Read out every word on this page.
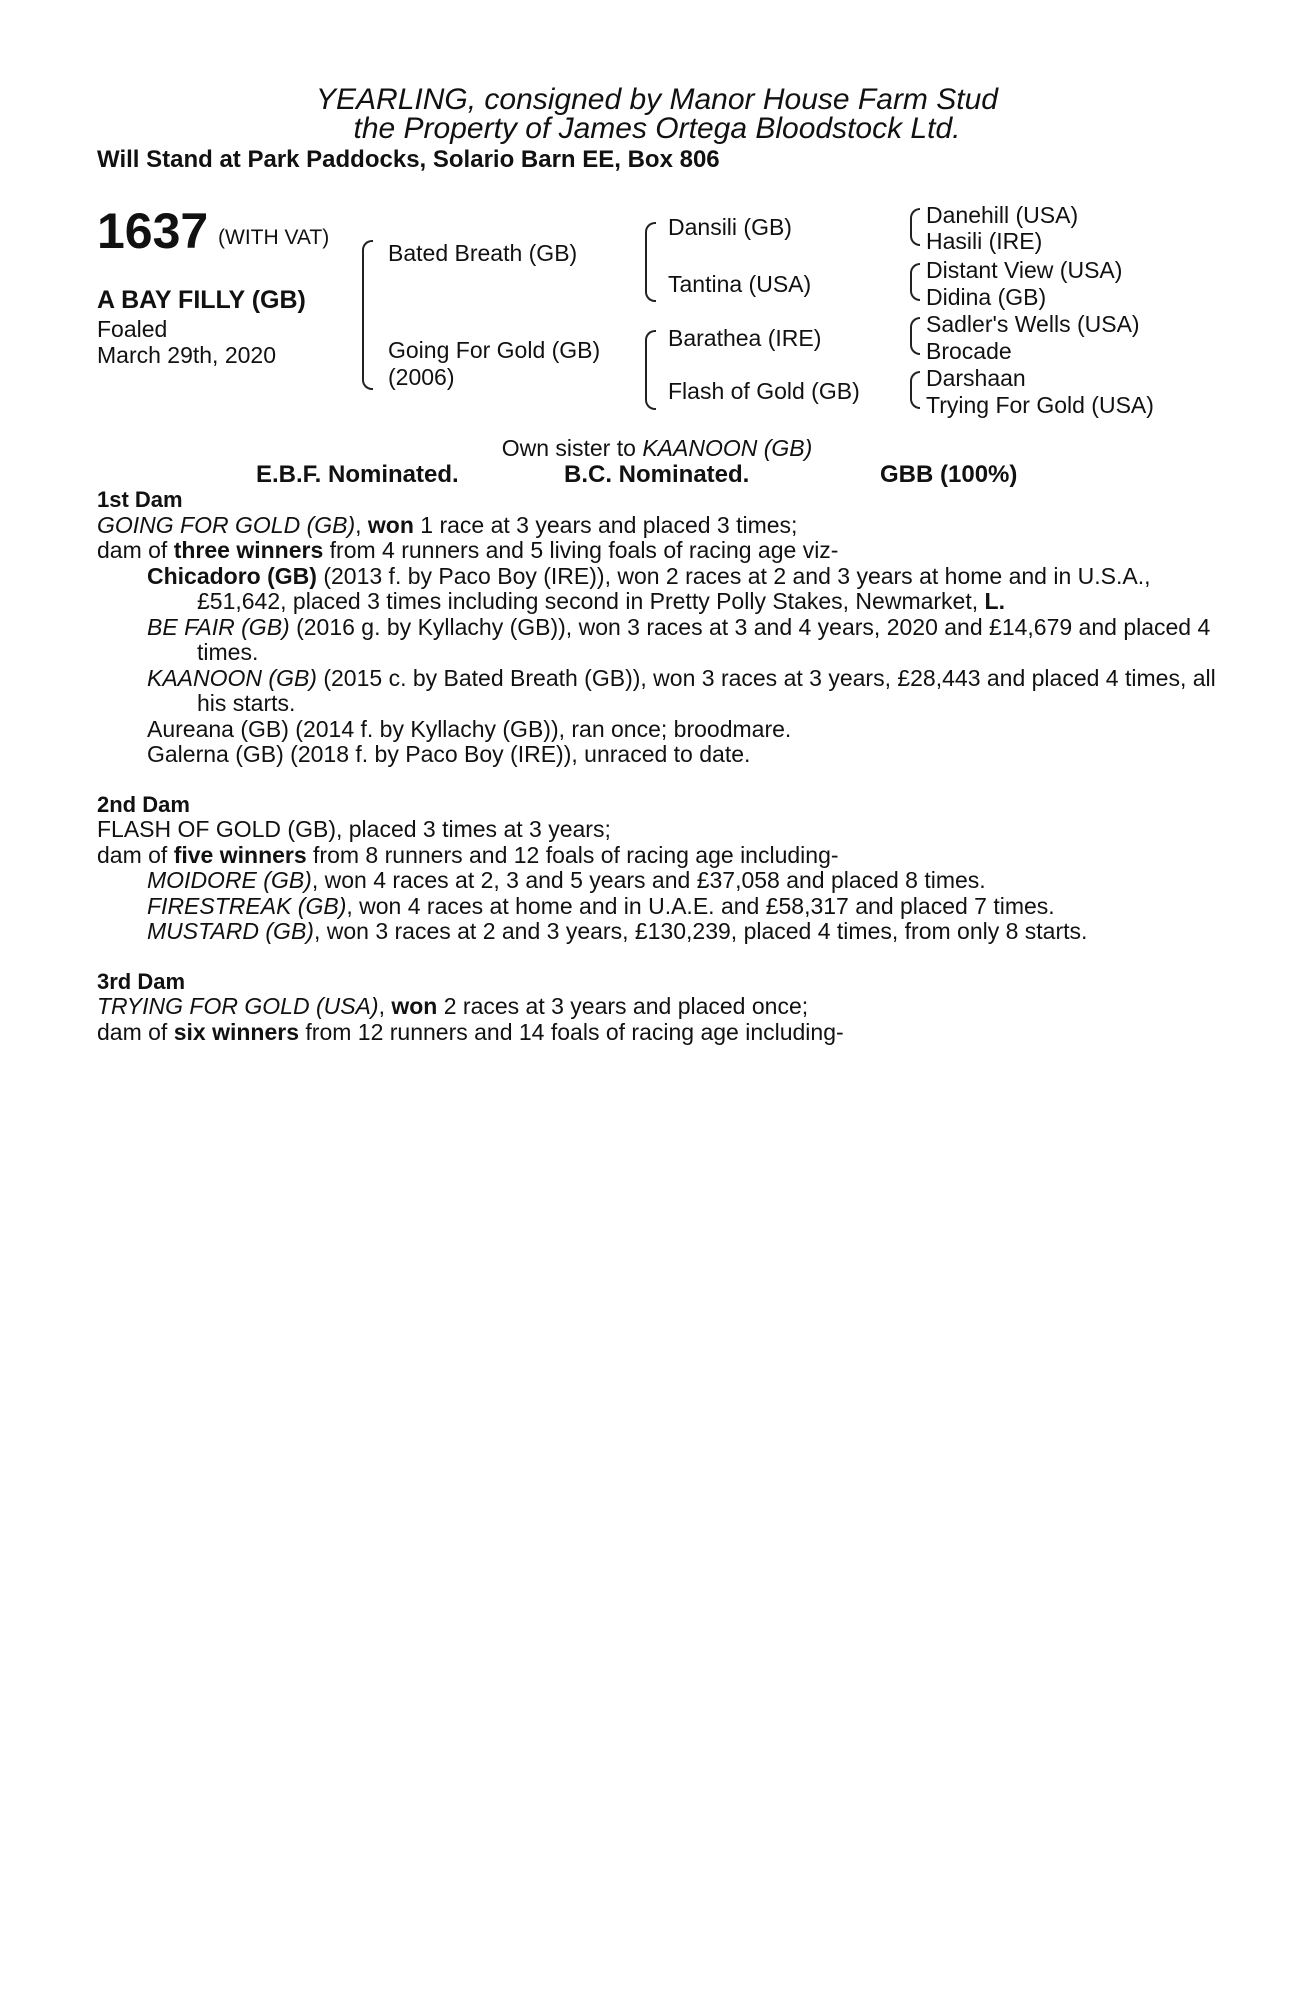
YEARLING, consigned by Manor House Farm Stud
the Property of James Ortega Bloodstock Ltd.
Will Stand at Park Paddocks, Solario Barn EE, Box 806
1637 (WITH VAT)
A BAY FILLY (GB)
Foaled
March 29th, 2020
Bated Breath (GB)
Going For Gold (GB)
(2006)
Dansili (GB)
Tantina (USA)
Barathea (IRE)
Flash of Gold (GB)
Danehill (USA)
Hasili (IRE)
Distant View (USA)
Didina (GB)
Sadler's Wells (USA)
Brocade
Darshaan
Trying For Gold (USA)
Own sister to KAANOON (GB)
E.B.F. Nominated.	B.C. Nominated.	GBB (100%)
1st Dam
GOING FOR GOLD (GB), won 1 race at 3 years and placed 3 times;
dam of three winners from 4 runners and 5 living foals of racing age viz-
Chicadoro (GB) (2013 f. by Paco Boy (IRE)), won 2 races at 2 and 3 years at home and in U.S.A., £51,642, placed 3 times including second in Pretty Polly Stakes, Newmarket, L.
BE FAIR (GB) (2016 g. by Kyllachy (GB)), won 3 races at 3 and 4 years, 2020 and £14,679 and placed 4 times.
KAANOON (GB) (2015 c. by Bated Breath (GB)), won 3 races at 3 years, £28,443 and placed 4 times, all his starts.
Aureana (GB) (2014 f. by Kyllachy (GB)), ran once; broodmare.
Galerna (GB) (2018 f. by Paco Boy (IRE)), unraced to date.
2nd Dam
FLASH OF GOLD (GB), placed 3 times at 3 years;
dam of five winners from 8 runners and 12 foals of racing age including-
MOIDORE (GB), won 4 races at 2, 3 and 5 years and £37,058 and placed 8 times.
FIRESTREAK (GB), won 4 races at home and in U.A.E. and £58,317 and placed 7 times.
MUSTARD (GB), won 3 races at 2 and 3 years, £130,239, placed 4 times, from only 8 starts.
3rd Dam
TRYING FOR GOLD (USA), won 2 races at 3 years and placed once;
dam of six winners from 12 runners and 14 foals of racing age including-
